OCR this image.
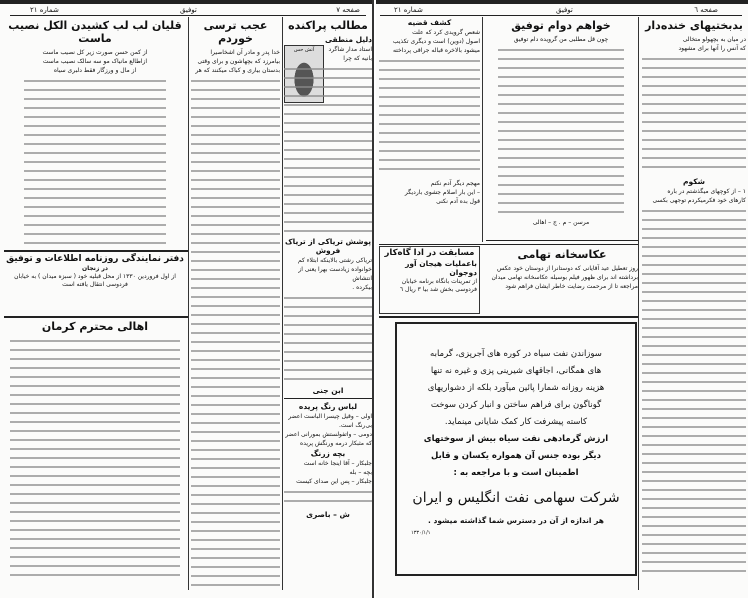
شماره ۲۱	توفیق	صفحه ۷
مطالب پراکنده
دلیل منطقی
آتش حس	استاد مدار شاگرد
بانیه که چرا
پوشش تریاکی از تریاک فروش
تریاکی رشتی بالاینکه ابتلاء کم
خوانواده زیادست بهرا یعنی از انتشاش
بیکرده .
ابن جنی
لباس رنگ پریده
اولی – وقیل چیسرا الباست اعضر
بی‌رنگ است.
دومی – واتفولستش بمورانی اعضر
که مثبکار درمه ورنگش پریده
بچه زرنگ
جلبکار – آقا اینجا خانه است
بچه – بله
جلبکار – پس این صدای کیست
ش – باصری
عجب ترسی خوردم
خدا پدر و مادر آن اشخاصیرا
بیامرزد که بچهاشون و برای وقتی
بدستان بیاری و کباک میکنند که هر
قلیان لب لب کشیدن الکل نصیب ماست
از کمن حسن صورت زیر کل نصیب ماست
ازاطالع مانیاک مو سه سالک نصیب ماست
از مال و ورزگار فقط دلبری سیاه
دفتر نمایندگی روزنامه اطلاعات و توفیق
در زنجان
از اول فروردین ۱۳۳۰ از محل قبلیه خود ( سبزه میدان ) به خیابان
فردوسی انتقال یافته است
اهالی محترم کرمان
شماره ۲۱	توفیق	صفحه ٦
بدبختیهای خنده‌دار
در میان به بچهولو متخالی
که آنس را آنها برای مشهود
شکوم
۱ – از کوچهای میگذشتم در باره
کارهای خود فکرمیکردم توجهی بکسی
خواهم دوام توفیق
چون قل مطلبی من گرویده دام توفیق
مرسن – م . ج – اهالی
کشف قضیه
شعص گرویدی کرد که علت
اصول (دوین) است و دیگری تکذیب
میشود بالاخره قباله جراقی پرداخته
مهجم دیگر آدم نکنم
– این بار اصلام جشوی باردیگر
قول بده آدم نکنی
مسابقت در ادا گاه‌کار
باعملیات هیجان آور دوجوان
از تمرینات بانگاه برنامه خیابان
فردوسی بخش شد بیا ۳ ریال ٦
عکاسخانه تهامی
روز تعطیل عید آقایانی که دوستانرا از دوستان خود عکس
برداشته اند برای ظهور فیلم بوسیله عکاسخانه تهامی میدان
مراجعه تا از مرحمت رضایت خاطر ایشان فراهم شود
سوزاندن نفت سیاه در کوره های آجرپزی، گرمابه
های همگانی، اجاقهای شیرینی پزی و غیره نه تنها
هزینه روزانه شمارا پائین میآورد بلکه از دشواریهای
گوناگون برای فراهم ساختن و انبار کردن سوخت
کاسته پیشرفت کار کمک شایانی مینماید.
ارزش گرمادهی نفت سیاه بیش از سوختهای
دیگر بوده جنس آن همواره یکسان و قابل
اطمینان است و با مراجعه به :
شرکت سهامی نفت انگلیس و ایران
هر اندازه از آن در دسترس شما گذاشته میشود .
۱۳۳۰/۱/۱
